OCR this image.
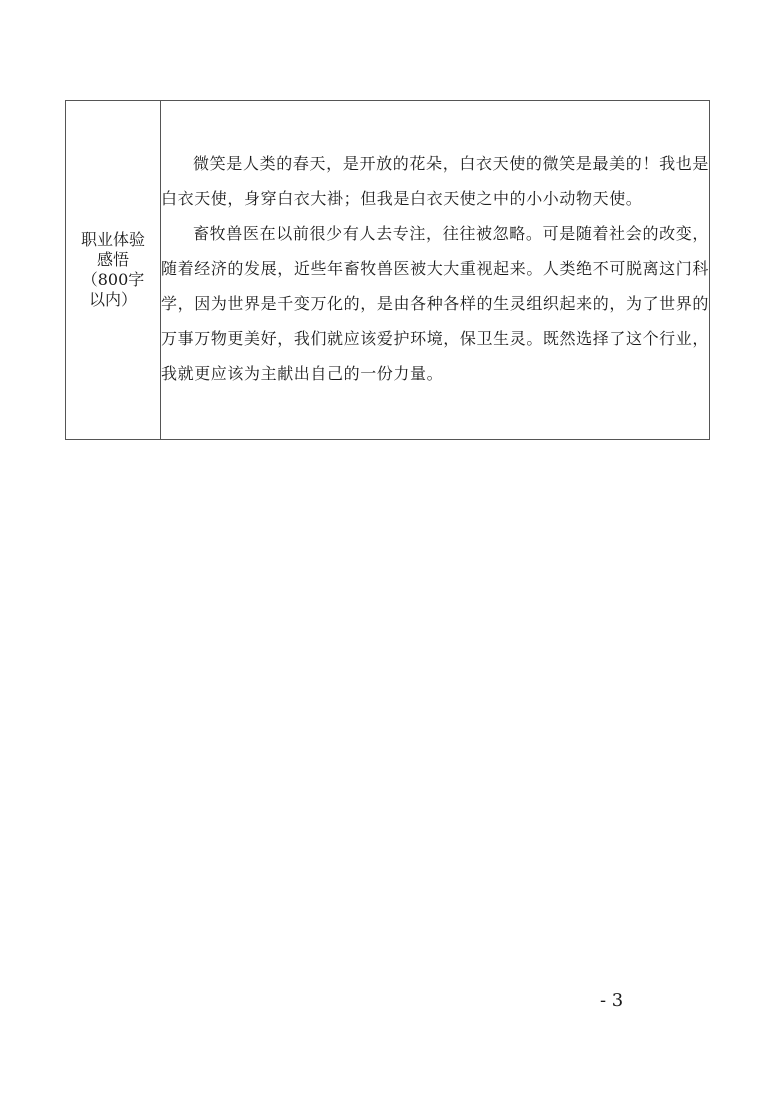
职业体验感悟（800字以内）	

微笑是人类的春天，是开放的花朵，白衣天使的微笑是最美的！我也是白衣天使，身穿白衣大褂；但我是白衣天使之中的小小动物天使。

畜牧兽医在以前很少有人去专注，往往被忽略。可是随着社会的改变，随着经济的发展，近些年畜牧兽医被大大重视起来。人类绝不可脱离这门科学，因为世界是千变万化的，是由各种各样的生灵组织起来的，为了世界的万事万物更美好，我们就应该爱护环境，保卫生灵。既然选择了这个行业，我就更应该为主献出自己的一份力量。

- 3
